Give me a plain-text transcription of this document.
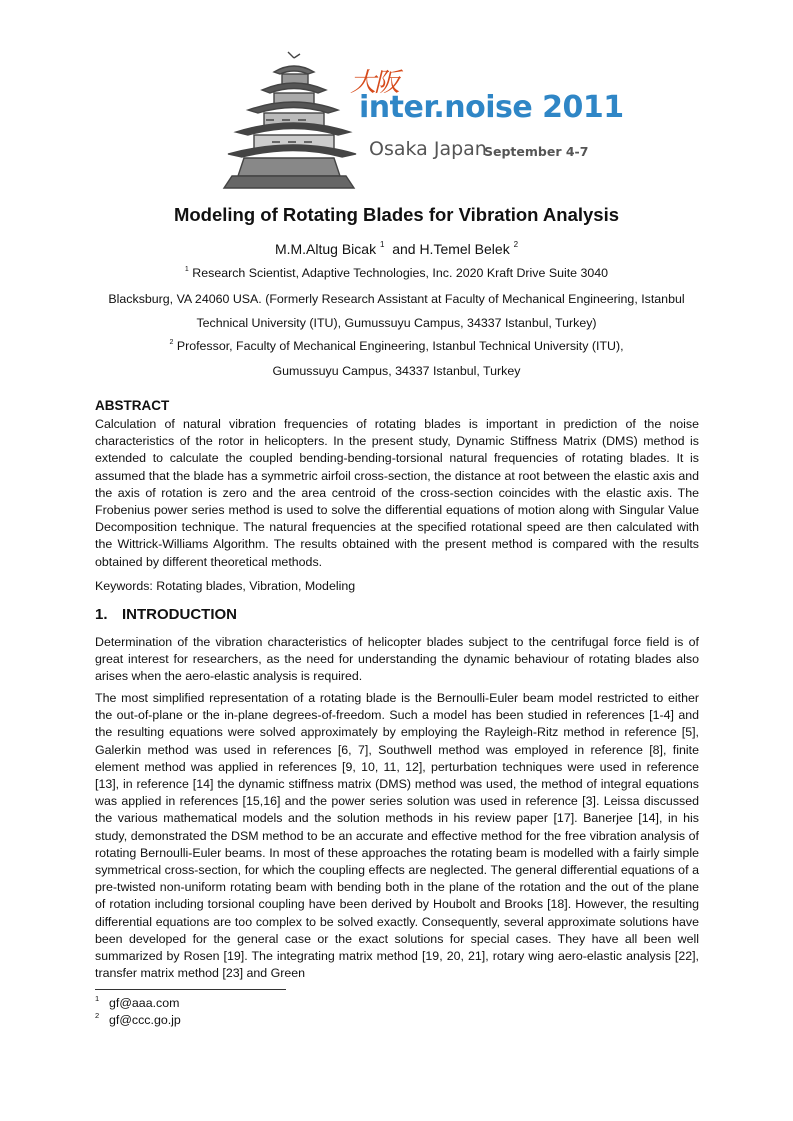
大阪
inter.noise 2011
Osaka Japan
September 4-7
Modeling of Rotating Blades for Vibration Analysis
M.M.Altug Bicak $^1$ and H.Temel Belek $^2$
$^1$ Research Scientist, Adaptive Technologies, Inc. 2020 Kraft Drive Suite 3040
Blacksburg, VA 24060 USA. (Formerly Research Assistant at Faculty of Mechanical Engineering, Istanbul
Technical University (ITU), Gumussuyu Campus, 34337 Istanbul, Turkey)
$^2$ Professor, Faculty of Mechanical Engineering, Istanbul Technical University (ITU),
Gumussuyu Campus, 34337 Istanbul, Turkey
ABSTRACT

Calculation of natural vibration frequencies of rotating blades is important in prediction of the noise characteristics of the rotor in helicopters. In the present study, Dynamic Stiffness Matrix (DMS) method is extended to calculate the coupled bending-bending-torsional natural frequencies of rotating blades. It is assumed that the blade has a symmetric airfoil cross-section, the distance at root between the elastic axis and the axis of rotation is zero and the area centroid of the cross-section coincides with the elastic axis. The Frobenius power series method is used to solve the differential equations of motion along with Singular Value Decomposition technique. The natural frequencies at the specified rotational speed are then calculated with the Wittrick-Williams Algorithm. The results obtained with the present method is compared with the results obtained by different theoretical methods.

Keywords: Rotating blades, Vibration, Modeling
1. INTRODUCTION

Determination of the vibration characteristics of helicopter blades subject to the centrifugal force field is of great interest for researchers, as the need for understanding the dynamic behaviour of rotating blades also arises when the aero-elastic analysis is required.

The most simplified representation of a rotating blade is the Bernoulli-Euler beam model restricted to either the out-of-plane or the in-plane degrees-of-freedom. Such a model has been studied in references [1-4] and the resulting equations were solved approximately by employing the Rayleigh-Ritz method in reference [5], Galerkin method was used in references [6, 7], Southwell method was employed in reference [8], finite element method was applied in references [9, 10, 11, 12], perturbation techniques were used in reference [13], in reference [14] the dynamic stiffness matrix (DMS) method was used, the method of integral equations was applied in references [15,16] and the power series solution was used in reference [3]. Leissa discussed the various mathematical models and the solution methods in his review paper [17]. Banerjee [14], in his study, demonstrated the DSM method to be an accurate and effective method for the free vibration analysis of rotating Bernoulli-Euler beams. In most of these approaches the rotating beam is modelled with a fairly simple symmetrical cross-section, for which the coupling effects are neglected. The general differential equations of a pre-twisted non-uniform rotating beam with bending both in the plane of the rotation and the out of the plane of rotation including torsional coupling have been derived by Houbolt and Brooks [18]. However, the resulting differential equations are too complex to be solved exactly. Consequently, several approximate solutions have been developed for the general case or the exact solutions for special cases. They have all been well summarized by Rosen [19]. The integrating matrix method [19, 20, 21], rotary wing aero-elastic analysis [22], transfer matrix method [23] and Green

$^1$ gf@aaa.com
$^2$ gf@ccc.go.jp
